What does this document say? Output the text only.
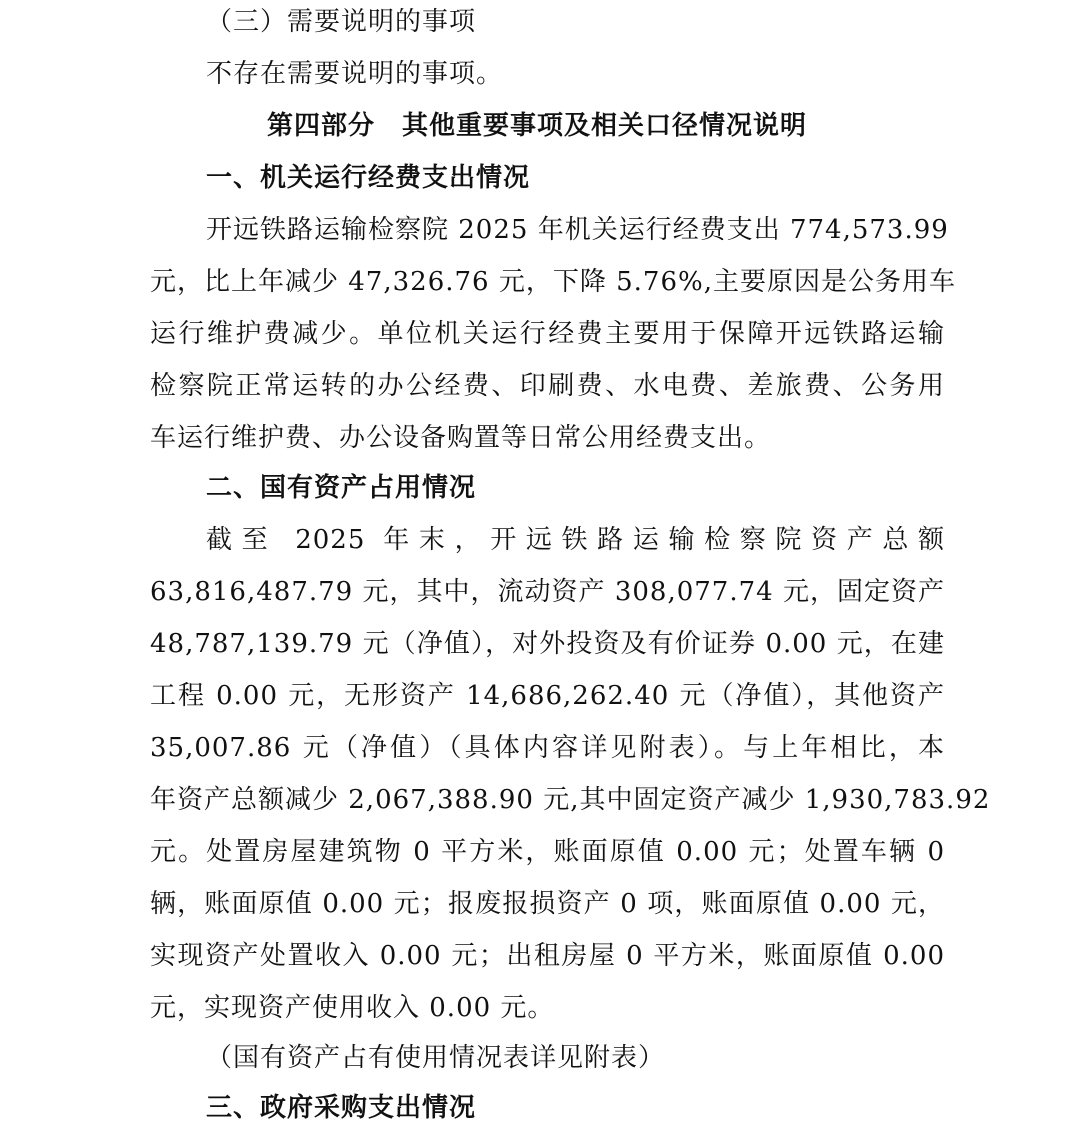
（三）需要说明的事项
不存在需要说明的事项。
第四部分　其他重要事项及相关口径情况说明
一、机关运行经费支出情况
开远铁路运输检察院 2025 年机关运行经费支出 774,573.99
元，比上年减少 47,326.76 元，下降 5.76%,主要原因是公务用车
运行维护费减少。单位机关运行经费主要用于保障开远铁路运输
检察院正常运转的办公经费、印刷费、水电费、差旅费、公务用
车运行维护费、办公设备购置等日常公用经费支出。
二、国有资产占用情况
截至 2025 年末，开远铁路运输检察院资产总额
63,816,487.79 元，其中，流动资产 308,077.74 元，固定资产
48,787,139.79 元（净值），对外投资及有价证券 0.00 元，在建
工程 0.00 元，无形资产 14,686,262.40 元（净值），其他资产
35,007.86 元（净值）（具体内容详见附表）。与上年相比，本
年资产总额减少 2,067,388.90 元,其中固定资产减少 1,930,783.92
元。处置房屋建筑物 0 平方米，账面原值 0.00 元；处置车辆 0
辆，账面原值 0.00 元；报废报损资产 0 项，账面原值 0.00 元，
实现资产处置收入 0.00 元；出租房屋 0 平方米，账面原值 0.00
元，实现资产使用收入 0.00 元。
（国有资产占有使用情况表详见附表）
三、政府采购支出情况
